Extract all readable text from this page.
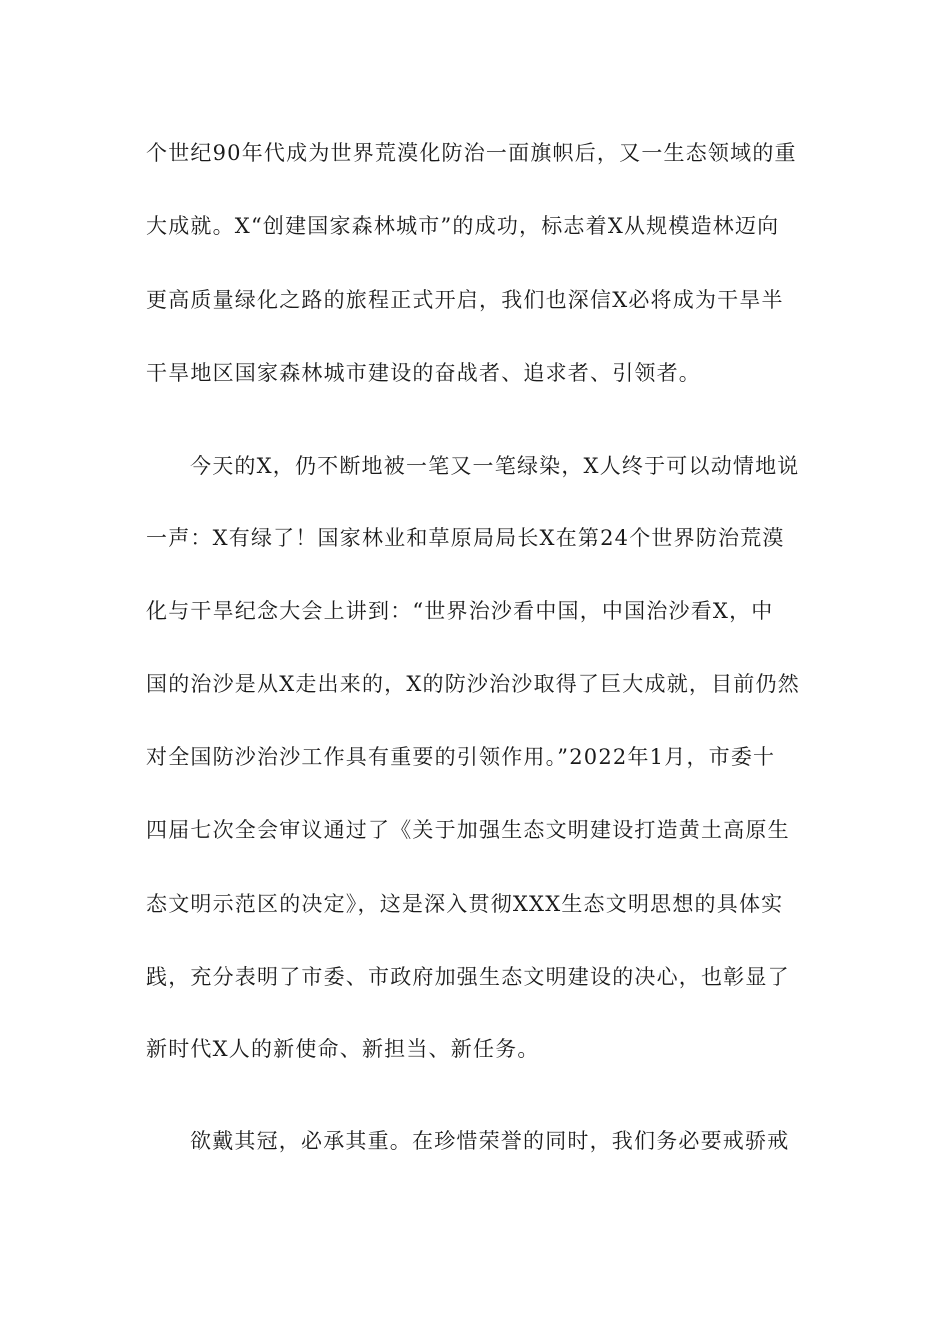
个世纪90年代成为世界荒漠化防治一面旗帜后，又一生态领域的重
大成就。X“创建国家森林城市”的成功，标志着X从规模造林迈向
更高质量绿化之路的旅程正式开启，我们也深信X必将成为干旱半
干旱地区国家森林城市建设的奋战者、追求者、引领者。
今天的X，仍不断地被一笔又一笔绿染，X人终于可以动情地说
一声：X有绿了！国家林业和草原局局长X在第24个世界防治荒漠
化与干旱纪念大会上讲到：“世界治沙看中国，中国治沙看X，中
国的治沙是从X走出来的，X的防沙治沙取得了巨大成就，目前仍然
对全国防沙治沙工作具有重要的引领作用。”2022年1月，市委十
四届七次全会审议通过了《关于加强生态文明建设打造黄土高原生
态文明示范区的决定》，这是深入贯彻XXX生态文明思想的具体实
践，充分表明了市委、市政府加强生态文明建设的决心，也彰显了
新时代X人的新使命、新担当、新任务。
欲戴其冠，必承其重。在珍惜荣誉的同时，我们务必要戒骄戒
